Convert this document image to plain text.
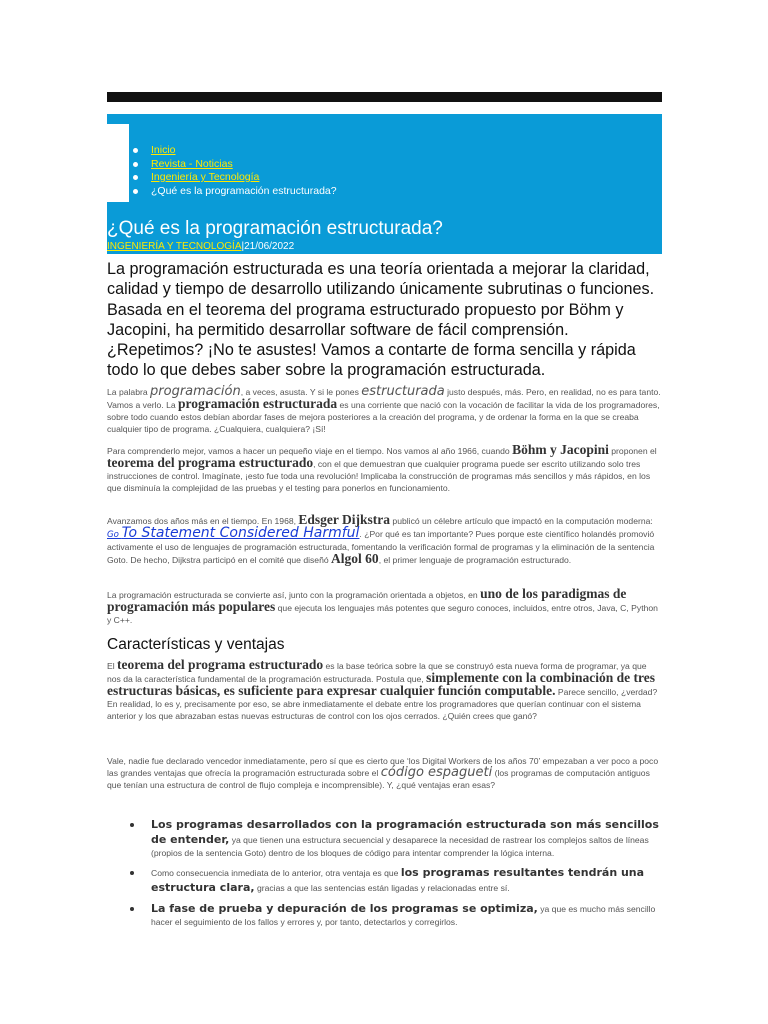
Inicio
Revista - Noticias
Ingeniería y Tecnología
¿Qué es la programación estructurada?
¿Qué es la programación estructurada?
INGENIERÍA Y TECNOLOGÍA|21/06/2022

La programación estructurada es una teoría orientada a mejorar la claridad, calidad y tiempo de desarrollo utilizando únicamente subrutinas o funciones. Basada en el teorema del programa estructurado propuesto por Böhm y Jacopini, ha permitido desarrollar software de fácil comprensión. ¿Repetimos? ¡No te asustes! Vamos a contarte de forma sencilla y rápida todo lo que debes saber sobre la programación estructurada.

La palabra programación, a veces, asusta. Y si le pones estructurada justo después, más. Pero, en realidad, no es para tanto. Vamos a verlo. La programación estructurada es una corriente que nació con la vocación de facilitar la vida de los programadores, sobre todo cuando estos debían abordar fases de mejora posteriores a la creación del programa, y de ordenar la forma en la que se creaba cualquier tipo de programa. ¿Cualquiera, cualquiera? ¡Sí!

Para comprenderlo mejor, vamos a hacer un pequeño viaje en el tiempo. Nos vamos al año 1966, cuando Böhm y Jacopini proponen el teorema del programa estructurado, con el que demuestran que cualquier programa puede ser escrito utilizando solo tres instrucciones de control. Imagínate, ¡esto fue toda una revolución! Implicaba la construcción de programas más sencillos y más rápidos, en los que disminuía la complejidad de las pruebas y el testing para ponerlos en funcionamiento.

Avanzamos dos años más en el tiempo. En 1968, Edsger Dijkstra publicó un célebre artículo que impactó en la computación moderna: Go To Statement Considered Harmful. ¿Por qué es tan importante? Pues porque este científico holandés promovió activamente el uso de lenguajes de programación estructurada, fomentando la verificación formal de programas y la eliminación de la sentencia Goto. De hecho, Dijkstra participó en el comité que diseñó Algol 60, el primer lenguaje de programación estructurado.

La programación estructurada se convierte así, junto con la programación orientada a objetos, en uno de los paradigmas de programación más populares que ejecuta los lenguajes más potentes que seguro conoces, incluidos, entre otros, Java, C, Python y C++.

Características y ventajas

El teorema del programa estructurado es la base teórica sobre la que se construyó esta nueva forma de programar, ya que nos da la característica fundamental de la programación estructurada. Postula que, simplemente con la combinación de tres estructuras básicas, es suficiente para expresar cualquier función computable. Parece sencillo, ¿verdad? En realidad, lo es y, precisamente por eso, se abre inmediatamente el debate entre los programadores que querían continuar con el sistema anterior y los que abrazaban estas nuevas estructuras de control con los ojos cerrados. ¿Quién crees que ganó?

Vale, nadie fue declarado vencedor inmediatamente, pero sí que es cierto que ‘los Digital Workers de los años 70’ empezaban a ver poco a poco las grandes ventajas que ofrecía la programación estructurada sobre el código espagueti (los programas de computación antiguos que tenían una estructura de control de flujo compleja e incomprensible). Y, ¿qué ventajas eran esas?

Los programas desarrollados con la programación estructurada son más sencillos de entender, ya que tienen una estructura secuencial y desaparece la necesidad de rastrear los complejos saltos de líneas (propios de la sentencia Goto) dentro de los bloques de código para intentar comprender la lógica interna.
Como consecuencia inmediata de lo anterior, otra ventaja es que los programas resultantes tendrán una estructura clara, gracias a que las sentencias están ligadas y relacionadas entre sí.
La fase de prueba y depuración de los programas se optimiza, ya que es mucho más sencillo hacer el seguimiento de los fallos y errores y, por tanto, detectarlos y corregirlos.
